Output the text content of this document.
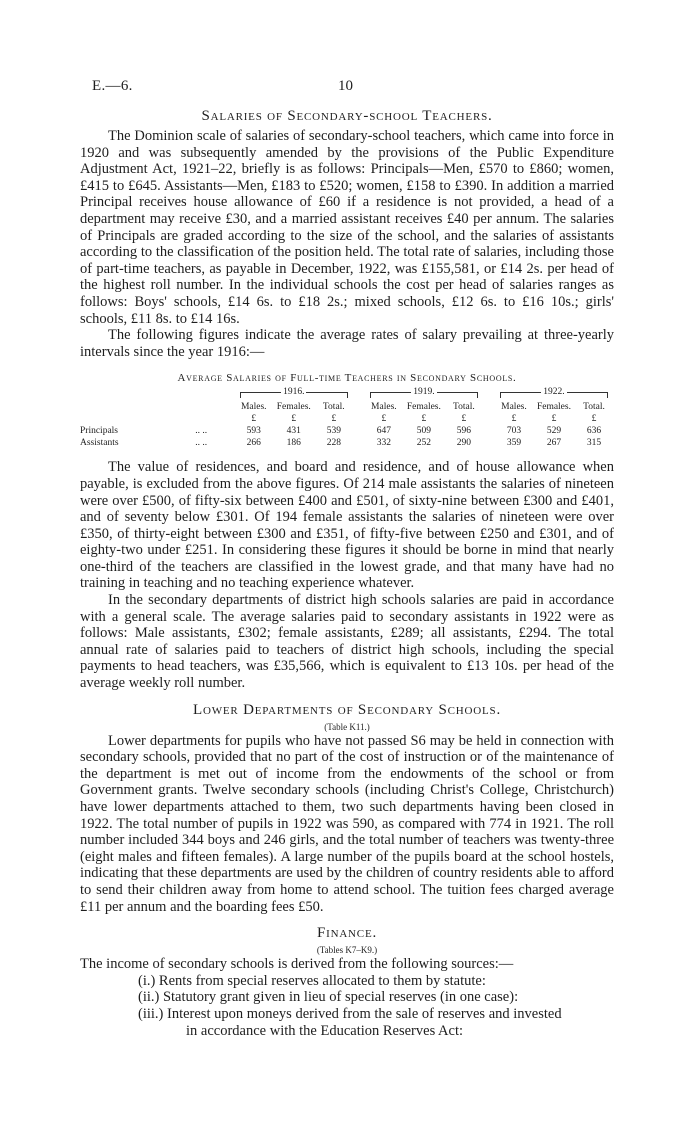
E.—6.	10
Salaries of Secondary-school Teachers.

The Dominion scale of salaries of secondary-school teachers, which came into force in 1920 and was subsequently amended by the provisions of the Public Expenditure Adjustment Act, 1921–22, briefly is as follows: Principals—Men, £570 to £860; women, £415 to £645. Assistants—Men, £183 to £520; women, £158 to £390. In addition a married Principal receives house allowance of £60 if a residence is not provided, a head of a department may receive £30, and a married assistant receives £40 per annum. The salaries of Principals are graded according to the size of the school, and the salaries of assistants according to the classification of the position held. The total rate of salaries, including those of part-time teachers, as payable in December, 1922, was £155,581, or £14 2s. per head of the highest roll number. In the individual schools the cost per head of salaries ranges as follows: Boys' schools, £14 6s. to £18 2s.; mixed schools, £12 6s. to £16 10s.; girls' schools, £11 8s. to £14 16s.

The following figures indicate the average rates of salary prevailing at three-yearly intervals since the year 1916:—

Average Salaries of Full-time Teachers in Secondary Schools.
1916.	1919.	1922.
Males.	Females.	Total.	Males.	Females.	Total.	Males.	Females.	Total.
£	£	£	£	£	£	£	£	£
Principals	.. ..	593	431	539	647	509	596	703	529	636
Assistants	.. ..	266	186	228	332	252	290	359	267	315

The value of residences, and board and residence, and of house allowance when payable, is excluded from the above figures. Of 214 male assistants the salaries of nineteen were over £500, of fifty-six between £400 and £501, of sixty-nine between £300 and £401, and of seventy below £301. Of 194 female assistants the salaries of nineteen were over £350, of thirty-eight between £300 and £351, of fifty-five between £250 and £301, and of eighty-two under £251. In considering these figures it should be borne in mind that nearly one-third of the teachers are classified in the lowest grade, and that many have had no training in teaching and no teaching experience whatever.

In the secondary departments of district high schools salaries are paid in accordance with a general scale. The average salaries paid to secondary assistants in 1922 were as follows: Male assistants, £302; female assistants, £289; all assistants, £294. The total annual rate of salaries paid to teachers of district high schools, including the special payments to head teachers, was £35,566, which is equivalent to £13 10s. per head of the average weekly roll number.

Lower Departments of Secondary Schools.
(Table K11.)

Lower departments for pupils who have not passed S6 may be held in connection with secondary schools, provided that no part of the cost of instruction or of the maintenance of the department is met out of income from the endowments of the school or from Government grants. Twelve secondary schools (including Christ's College, Christchurch) have lower departments attached to them, two such departments having been closed in 1922. The total number of pupils in 1922 was 590, as compared with 774 in 1921. The roll number included 344 boys and 246 girls, and the total number of teachers was twenty-three (eight males and fifteen females). A large number of the pupils board at the school hostels, indicating that these departments are used by the children of country residents able to afford to send their children away from home to attend school. The tuition fees charged average £11 per annum and the boarding fees £50.

Finance.
(Tables K7–K9.)
The income of secondary schools is derived from the following sources:—
(i.) Rents from special reserves allocated to them by statute:
(ii.) Statutory grant given in lieu of special reserves (in one case):
(iii.) Interest upon moneys derived from the sale of reserves and invested
in accordance with the Education Reserves Act:
